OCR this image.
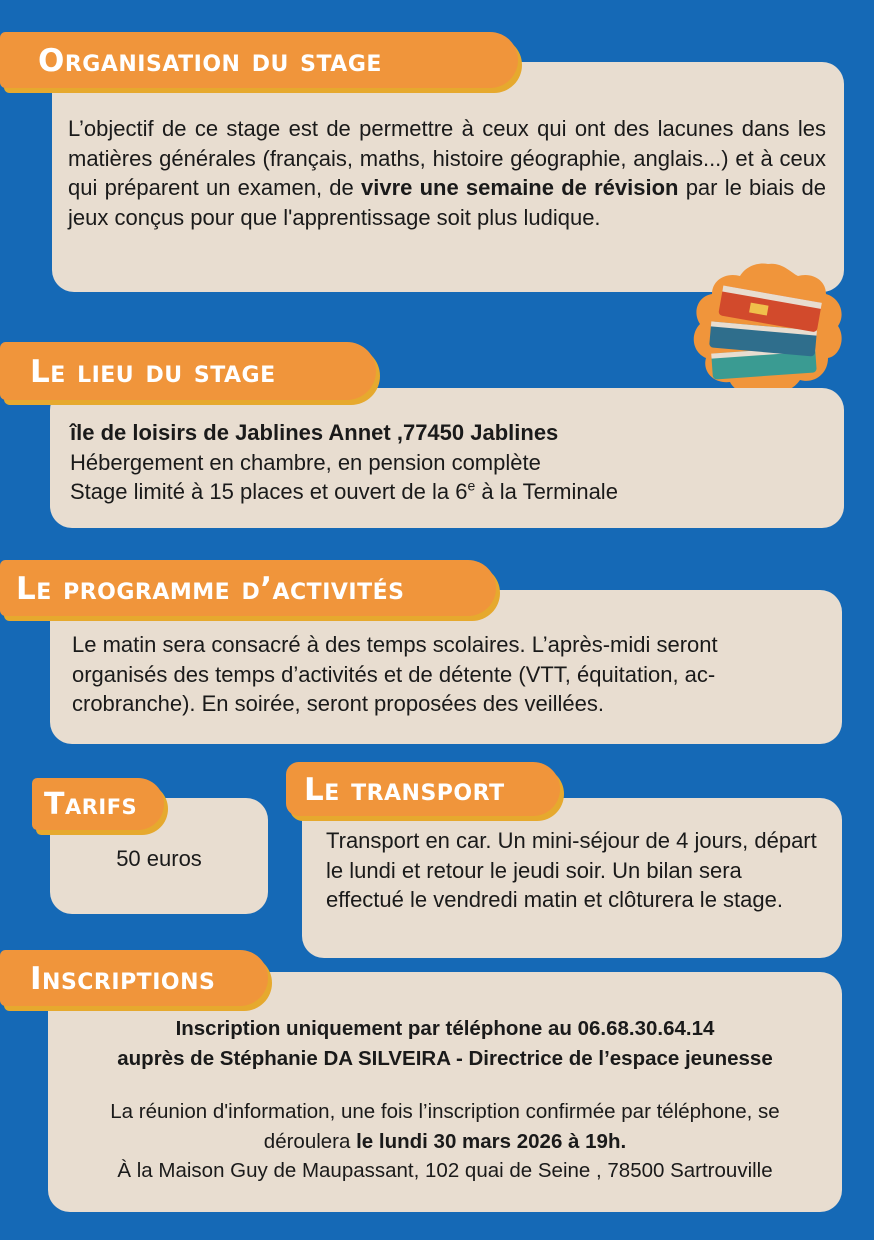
L’objectif de ce stage est de permettre à ceux qui ont des lacunes dans les matières générales (français, maths, histoire géographie, anglais...) et à ceux qui préparent un examen, de vivre une semaine de révision par le biais de jeux conçus pour que l'apprentissage soit plus ludique.
Organisation du stage
île de loisirs de Jablines Annet ,77450 Jablines
Hébergement en chambre, en pension complète
Stage limité à 15 places et ouvert de la 6e à la Terminale
Le lieu du stage
Le matin sera consacré à des temps scolaires. L’après-midi seront organisés des temps d’activités et de détente (VTT, équitation, ac-crobranche). En soirée, seront proposées des veillées.
Le programme d’activités
50 euros
Tarifs
Transport en car. Un mini-séjour de 4 jours, départ le lundi et retour le jeudi soir. Un bilan sera effectué le vendredi matin et clôturera le stage.
Le transport
Inscription uniquement par téléphone au 06.68.30.64.14
auprès de Stéphanie DA SILVEIRA - Directrice de l’espace jeunesse
La réunion d'information, une fois l’inscription confirmée par téléphone, se
déroulera le lundi 30 mars 2026 à 19h.
À la Maison Guy de Maupassant, 102 quai de Seine , 78500 Sartrouville
Inscriptions
